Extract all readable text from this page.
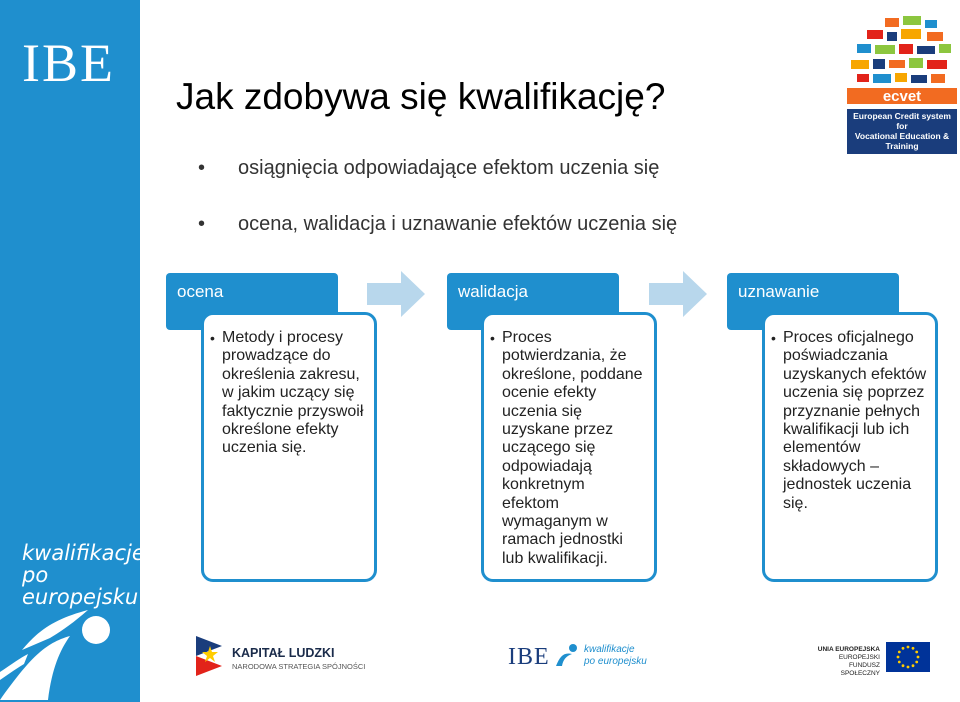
IBE
kwalifikacje
po europejsku
Jak zdobywa się kwalifikację?
• osiągnięcia odpowiadające efektom uczenia się
• ocena, walidacja i uznawanie efektów uczenia się
ocena
• Metody i procesy prowadzące do określenia zakresu, w jakim uczący się faktycznie przyswoił określone efekty uczenia się.
walidacja
• Proces potwierdzania, że określone, poddane ocenie efekty uczenia się uzyskane przez uczącego się odpowiadają konkretnym efektom wymaganym w ramach jednostki lub kwalifikacji.
uznawanie
• Proces oficjalnego poświadczania uzyskanych efektów uczenia się poprzez przyznanie pełnych kwalifikacji lub ich elementów składowych – jednostek uczenia się.
ecvet
European Credit system for
Vocational Education & Training
KAPITAŁ LUDZKI
NARODOWA STRATEGIA SPÓJNOŚCI	IBE	kwalifikacje
po europejsku
UNIA EUROPEJSKA
EUROPEJSKI
FUNDUSZ SPOŁECZNY
